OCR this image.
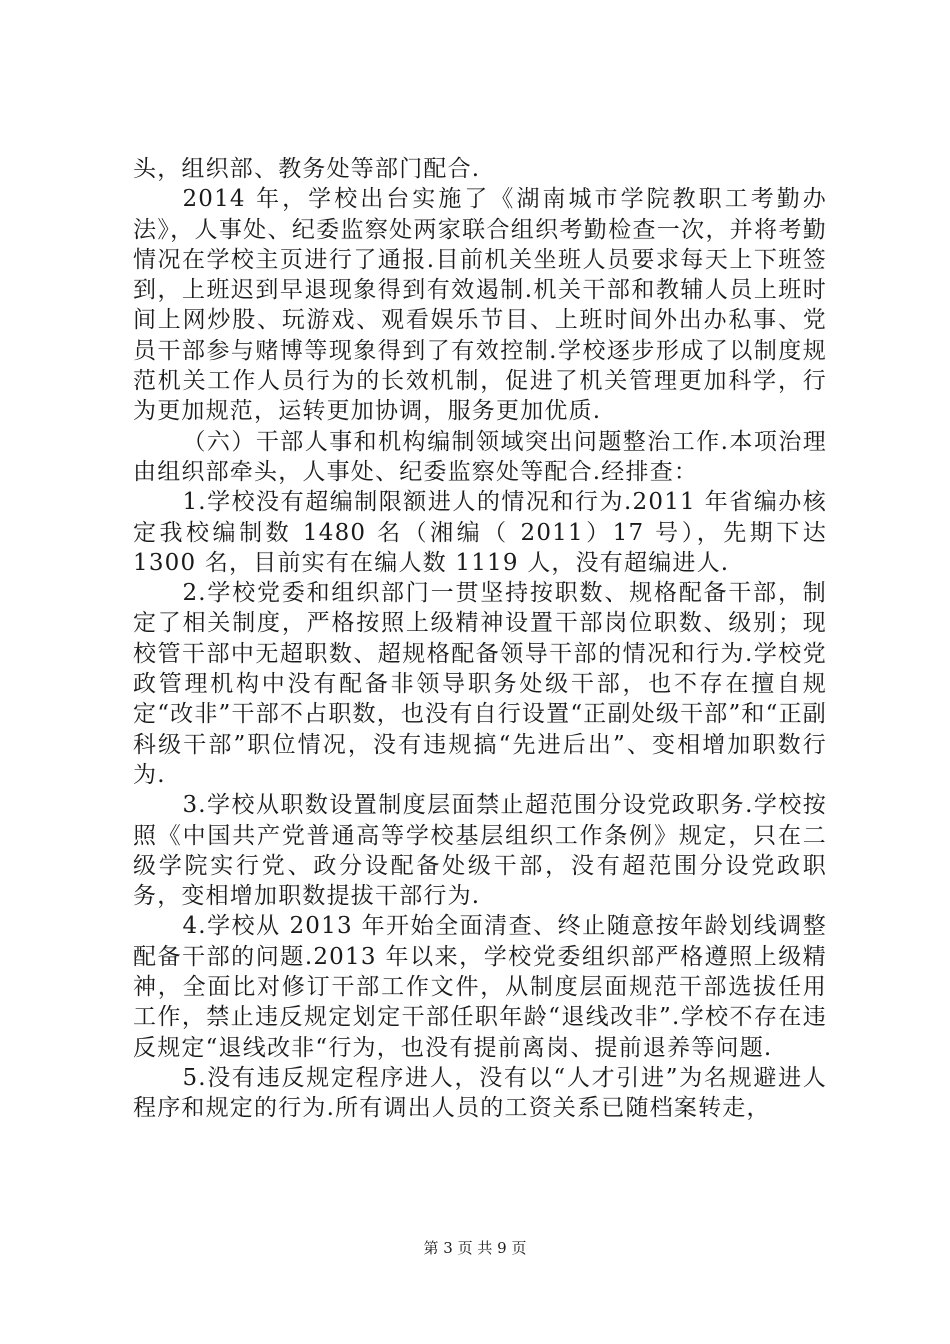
头，组织部、教务处等部门配合.

2014 年，学校出台实施了《湖南城市学院教职工考勤办法》，人事处、纪委监察处两家联合组织考勤检查一次，并将考勤情况在学校主页进行了通报.目前机关坐班人员要求每天上下班签到，上班迟到早退现象得到有效遏制.机关干部和教辅人员上班时间上网炒股、玩游戏、观看娱乐节目、上班时间外出办私事、党员干部参与赌博等现象得到了有效控制.学校逐步形成了以制度规范机关工作人员行为的长效机制，促进了机关管理更加科学，行为更加规范，运转更加协调，服务更加优质.

（六）干部人事和机构编制领域突出问题整治工作.本项治理由组织部牵头，人事处、纪委监察处等配合.经排查：

1.学校没有超编制限额进人的情况和行为.2011 年省编办核定我校编制数 1480 名（湘编（ 2011）17 号），先期下达 1300 名，目前实有在编人数 1119 人，没有超编进人.

2.学校党委和组织部门一贯坚持按职数、规格配备干部，制定了相关制度，严格按照上级精神设置干部岗位职数、级别；现校管干部中无超职数、超规格配备领导干部的情况和行为.学校党政管理机构中没有配备非领导职务处级干部，也不存在擅自规定“改非”干部不占职数，也没有自行设置“正副处级干部”和“正副科级干部”职位情况，没有违规搞“先进后出”、变相增加职数行为.

3.学校从职数设置制度层面禁止超范围分设党政职务.学校按照《中国共产党普通高等学校基层组织工作条例》规定，只在二级学院实行党、政分设配备处级干部，没有超范围分设党政职务，变相增加职数提拔干部行为.

4.学校从 2013 年开始全面清查、终止随意按年龄划线调整配备干部的问题.2013 年以来，学校党委组织部严格遵照上级精神，全面比对修订干部工作文件，从制度层面规范干部选拔任用工作，禁止违反规定划定干部任职年龄“退线改非”.学校不存在违反规定“退线改非“行为，也没有提前离岗、提前退养等问题.

5.没有违反规定程序进人，没有以“人才引进”为名规避进人程序和规定的行为.所有调出人员的工资关系已随档案转走，

第 3 页 共 9 页
